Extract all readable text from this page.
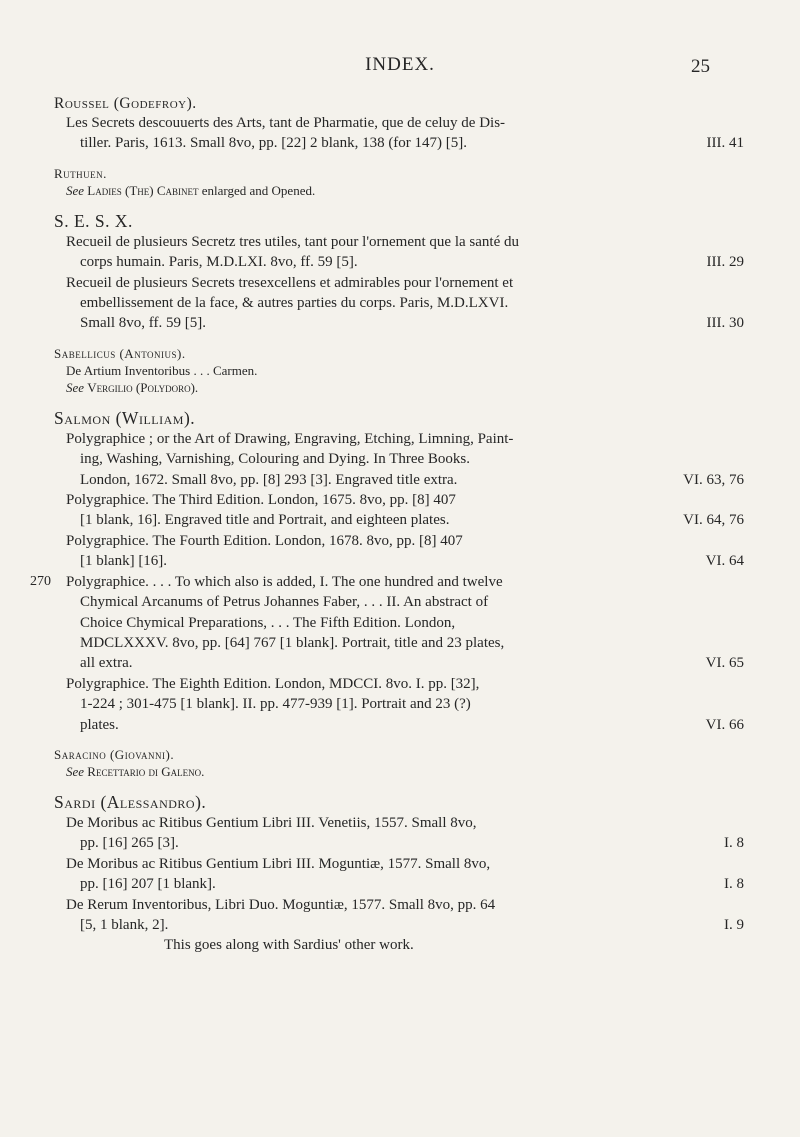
INDEX.	25
Roussel (Godefroy).
Les Secrets descouuerts des Arts, tant de Pharmatie, que de celuy de Dis-
tiller. Paris, 1613. Small 8vo, pp. [22] 2 blank, 138 (for 147) [5].	III. 41
Ruthuen.
See Ladies (The) Cabinet enlarged and Opened.
S. E. S. X.
Recueil de plusieurs Secretz tres utiles, tant pour l'ornement que la santé du
corps humain. Paris, M.D.LXI. 8vo, ff. 59 [5].	III. 29
Recueil de plusieurs Secrets tresexcellens et admirables pour l'ornement et
embellissement de la face, & autres parties du corps. Paris, M.D.LXVI.
Small 8vo, ff. 59 [5].	III. 30
Sabellicus (Antonius).
De Artium Inventoribus . . . Carmen.
See Vergilio (Polydoro).
Salmon (William).
Polygraphice ; or the Art of Drawing, Engraving, Etching, Limning, Paint-
ing, Washing, Varnishing, Colouring and Dying. In Three Books.
London, 1672. Small 8vo, pp. [8] 293 [3]. Engraved title extra.	VI. 63, 76
Polygraphice. The Third Edition. London, 1675. 8vo, pp. [8] 407
[1 blank, 16]. Engraved title and Portrait, and eighteen plates.	VI. 64, 76
Polygraphice. The Fourth Edition. London, 1678. 8vo, pp. [8] 407
[1 blank] [16].	VI. 64
270 Polygraphice. . . . To which also is added, I. The one hundred and twelve
Chymical Arcanums of Petrus Johannes Faber, . . . II. An abstract of
Choice Chymical Preparations, . . . The Fifth Edition. London,
MDCLXXXV. 8vo, pp. [64] 767 [1 blank]. Portrait, title and 23 plates,
all extra.	VI. 65
Polygraphice. The Eighth Edition. London, MDCCI. 8vo. I. pp. [32],
1-224 ; 301-475 [1 blank]. II. pp. 477-939 [1]. Portrait and 23 (?)
plates.	VI. 66
Saracino (Giovanni).
See Recettario di Galeno.
Sardi (Alessandro).
De Moribus ac Ritibus Gentium Libri III. Venetiis, 1557. Small 8vo,
pp. [16] 265 [3].	I. 8
De Moribus ac Ritibus Gentium Libri III. Moguntiæ, 1577. Small 8vo,
pp. [16] 207 [1 blank].	I. 8
De Rerum Inventoribus, Libri Duo. Moguntiæ, 1577. Small 8vo, pp. 64
[5, 1 blank, 2].	I. 9
This goes along with Sardius' other work.
